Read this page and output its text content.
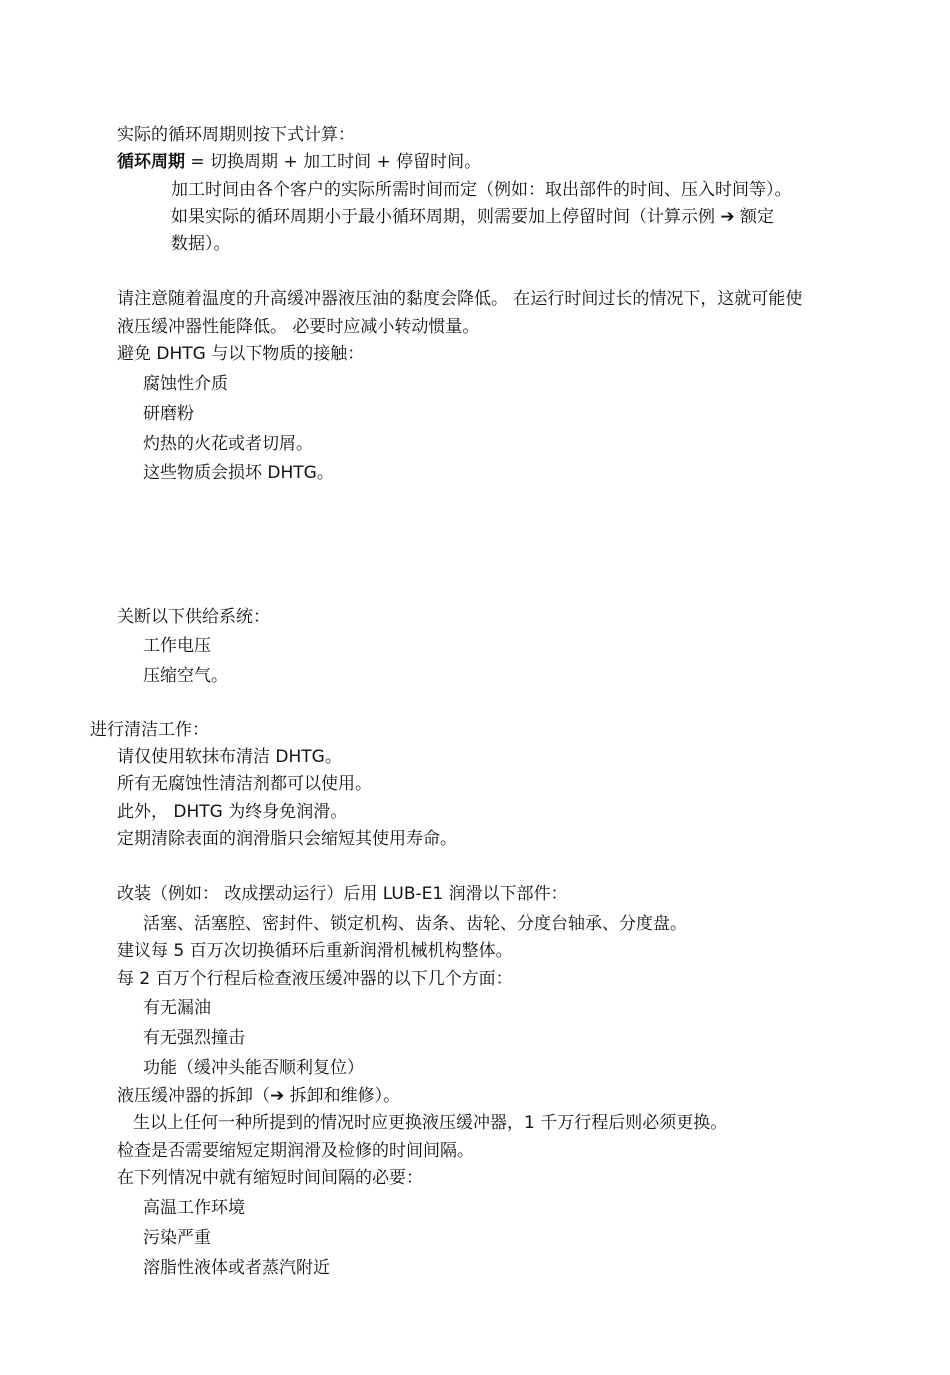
实际的循环周期则按下式计算：

循环周期 = 切换周期 + 加工时间 + 停留时间。

加工时间由各个客户的实际所需时间而定（例如：取出部件的时间、压入时间等）。

如果实际的循环周期小于最小循环周期，则需要加上停留时间（计算示例 ➔ 额定

数据）。

请注意随着温度的升高缓冲器液压油的黏度会降低。 在运行时间过长的情况下，这就可能使

液压缓冲器性能降低。 必要时应减小转动惯量。

避免 DHTG 与以下物质的接触：

腐蚀性介质

研磨粉

灼热的火花或者切屑。

这些物质会损坏 DHTG。

关断以下供给系统：

工作电压

压缩空气。

进行清洁工作：

请仅使用软抹布清洁 DHTG。

所有无腐蚀性清洁剂都可以使用。

此外， DHTG 为终身免润滑。

定期清除表面的润滑脂只会缩短其使用寿命。

改装（例如： 改成摆动运行）后用 LUB-E1 润滑以下部件：

活塞、活塞腔、密封件、锁定机构、齿条、齿轮、分度台轴承、分度盘。

建议每 5 百万次切换循环后重新润滑机械机构整体。

每 2 百万个行程后检查液压缓冲器的以下几个方面：

有无漏油

有无强烈撞击

功能（缓冲头能否顺利复位）

液压缓冲器的拆卸（➔ 拆卸和维修）。

生以上任何一种所提到的情况时应更换液压缓冲器，1 千万行程后则必须更换。

检查是否需要缩短定期润滑及检修的时间间隔。

在下列情况中就有缩短时间间隔的必要：

高温工作环境

污染严重

溶脂性液体或者蒸汽附近
